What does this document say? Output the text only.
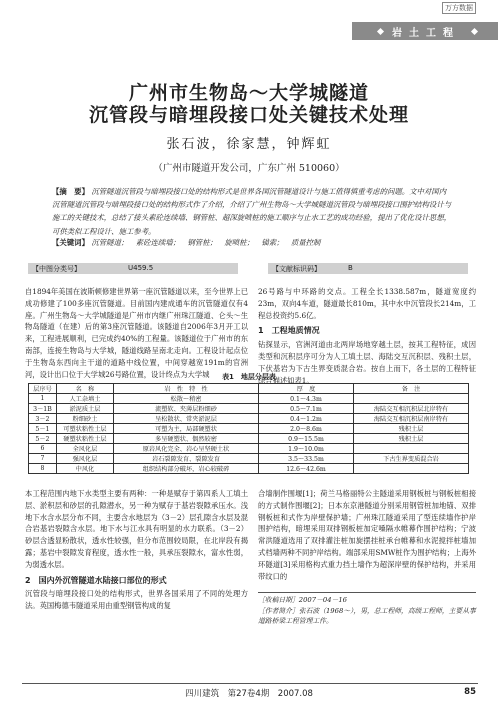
万方数据
岩土工程
广州市生物岛～大学城隧道
沉管段与暗埋段接口处关键技术处理
张石波，徐家慧，钟辉虹
（广州市隧道开发公司，广东广州 510060）
【摘　要】 沉管隧道沉管段与暗埋段接口处的结构形式是世界各国沉管隧道设计与施工值得慎重考虑的问题。文中对国内沉管隧道沉管段与暗埋段接口处的结构形式作了介绍，介绍了广州生物岛～大学城隧道沉管段与暗埋段接口围护结构设计与施工的关键技术，总结了接头素砼连续墙、钢管桩、超深旋喷桩的施工顺序与止水工艺的成功经验，提出了优化设计思想，可供类似工程设计、施工参考。
【关键词】 沉管隧道；　素砼连续墙；　钢管桩；　旋喷桩；　锚索；　质量控制
【中图分类号】	U459.5	【文献标识码】	B
自1894年美国在波斯顿修建世界第一座沉管隧道以来，至今世界上已成功修建了100多座沉管隧道。目前国内建成通车的沉管隧道仅有4座。广州生物岛～大学城隧道是广州市内继广州珠江隧道、仑头～生物岛隧道（在建）后的第3座沉管隧道。该隧道自2006年3月开工以来，工程进展顺利，已完成约40%的工程量。该隧道位于广州市的东南部，连接生物岛与大学城，隧道线路呈南北走向。工程设计起点位于生物岛东西向主干道的道路中线位置，中间穿越宽191m的官洲河，设计出口位于大学城26号路位置，设计终点为大学城
26号路与中环路的交点。工程全长1338.587m，隧道宽度约23m，双向4车道，隧道最长810m，其中水中沉管段长214m，工程总投资约5.6亿。
1　工程地质情况
钻探显示，官洲河道由北两岸场地穿越土层，按其工程特征，成因类型和沉积层序可分为人工填土层、海陆交互沉积层、残积土层，下伏基岩为下古生界变质混合岩。按自上而下，各土层的工程特征综合描述如表1。
表1　地层分层表
层序号	名　称	岩　性　特　性	厚　度	备　注
1	人工杂填土	松散～稍密	0.1～4.3m	
3－1B	淤泥质土层	流塑软、夹薄层粉细砂	0.5～7.1m	海陆交互相沉积层北岸特有
3－2	粉细砂土	呈松散状、常夹淤泥层	0.4～1.2m	海陆交互相沉积层南岸特有
5－1	可塑状粘性土层	可塑为主，局部硬塑状	2.0～8.6m	残积土层
5－2	硬塑状粘性土层	多呈硬塑状、偶然较密	0.9～15.5m	残积土层
6	全风化层	原岩风化完全、岩心呈坚硬土状	1.9～10.0m	
7	强风化层	岩石裂隙发育、裂隙发育	3.5～33.5m	下古生界变质混合岩
8	中风化	组织结构部分破坏，岩心较破碎	12.6～42.6m	
本工程范围内地下水类型主要有两种：一种是赋存于第四系人工填土层、淤积层和砂层的孔隙潜水，另一种为赋存于基岩裂隙承压水。浅地下水含水层分布不同，主要含水地层为（3－2）层孔隙含水层及混合岩基岩裂隙含水层。地下水与江水具有明显的水力联系。（3－2）砂层含透显粉散状，透水性较强，但分布范围较局限，在北岸段有揭露；基岩中裂隙发育程度，透水性一般，具承压裂隙水，富水性弱，为弱透水层。
2　国内外沉管隧道水陆接口部位的形式
沉管段与暗埋段接口处的结构形式，世界各国采用了不同的处理方法。英国梅德韦隧道采用由重型钢管构成的复
合墙制作围堰[1]；荷兰马格丽特公主隧道采用钢板桩与钢板桩相接的方式制作围堰[2]；日本东京港隧道分别采用钢管桩加地锚、双排钢板桩和式作为岸壁保护墙；广州珠江隧道采用了型连续墙作护岸围护结构，暗埋采用双排钢板桩加定嗓隔水帷幕作围护结构；宁波常洪隧道选用了双排灌注桩加旋摆挂桩承台帷幕和水泥搅拌桩墙加式档墙两种不同护岸结构。端部采用SMW桩作为围护结构；上海外环隧道[3]采用格构式重力挡土墙作为超深岸壁的保护结构，并采用带纹口的
［收稿日期］2007－04－16
［作者简介］张石波（1968～），男，总工程师，高级工程师，主要从事道路桥梁工程管理工作。
四川建筑　第27卷4期　2007.08	85
